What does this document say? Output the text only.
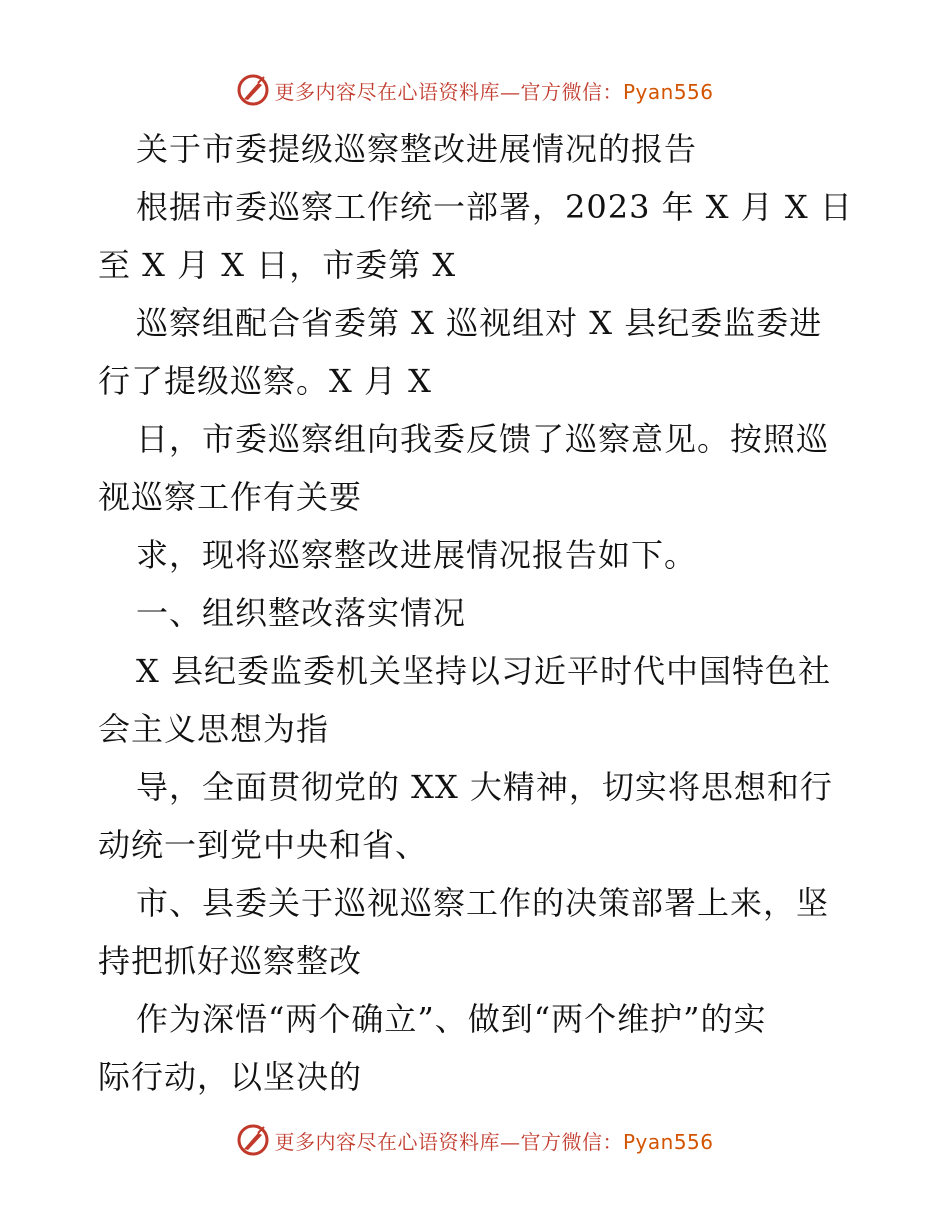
更多内容尽在心语资料库—官方微信：Pyan556
关于市委提级巡察整改进展情况的报告
根据市委巡察工作统一部署，2023 年 X 月 X 日
至 X 月 X 日，市委第 X
巡察组配合省委第 X 巡视组对 X 县纪委监委进
行了提级巡察。X 月 X
日，市委巡察组向我委反馈了巡察意见。按照巡
视巡察工作有关要
求，现将巡察整改进展情况报告如下。
一、组织整改落实情况
X 县纪委监委机关坚持以习近平时代中国特色社
会主义思想为指
导，全面贯彻党的 XX 大精神，切实将思想和行
动统一到党中央和省、
市、县委关于巡视巡察工作的决策部署上来，坚
持把抓好巡察整改
作为深悟“两个确立”、做到“两个维护”的实
际行动，以坚决的
更多内容尽在心语资料库—官方微信：Pyan556
